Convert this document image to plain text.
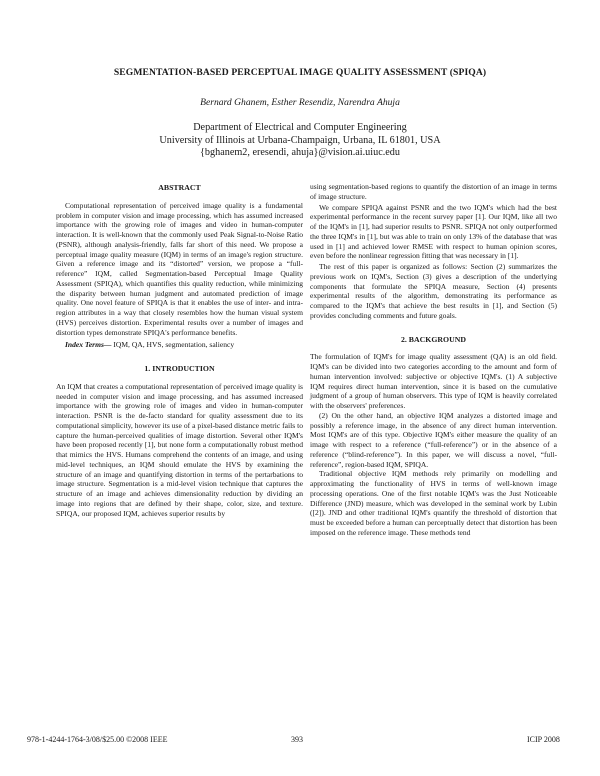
SEGMENTATION-BASED PERCEPTUAL IMAGE QUALITY ASSESSMENT (SPIQA)
Bernard Ghanem, Esther Resendiz, Narendra Ahuja
Department of Electrical and Computer Engineering
University of Illinois at Urbana-Champaign, Urbana, IL 61801, USA
{bghanem2, eresendi, ahuja}@vision.ai.uiuc.edu
ABSTRACT

Computational representation of perceived image quality is a fundamental problem in computer vision and image processing, which has assumed increased importance with the growing role of images and video in human-computer interaction. It is well-known that the commonly used Peak Signal-to-Noise Ratio (PSNR), although analysis-friendly, falls far short of this need. We propose a perceptual image quality measure (IQM) in terms of an image's region structure. Given a reference image and its “distorted” version, we propose a “full-reference” IQM, called Segmentation-based Perceptual Image Quality Assessment (SPIQA), which quantifies this quality reduction, while minimizing the disparity between human judgment and automated prediction of image quality. One novel feature of SPIQA is that it enables the use of inter- and intra- region attributes in a way that closely resembles how the human visual system (HVS) perceives distortion. Experimental results over a number of images and distortion types demonstrate SPIQA's performance benefits.

Index Terms— IQM, QA, HVS, segmentation, saliency

1. INTRODUCTION

An IQM that creates a computational representation of perceived image quality is needed in computer vision and image processing, and has assumed increased importance with the growing role of images and video in human-computer interaction. PSNR is the de-facto standard for quality assessment due to its computational simplicity, however its use of a pixel-based distance metric fails to capture the human-perceived qualities of image distortion. Several other IQM's have been proposed recently [1], but none form a computationally robust method that mimics the HVS. Humans comprehend the contents of an image, and using mid-level techniques, an IQM should emulate the HVS by examining the structure of an image and quantifying distortion in terms of the pertarbations to image structure. Segmentation is a mid-level vision technique that captures the structure of an image and achieves dimensionality reduction by dividing an image into regions that are defined by their shape, color, size, and texture. SPIQA, our proposed IQM, achieves superior results by

using segmentation-based regions to quantify the distortion of an image in terms of image structure.

We compare SPIQA against PSNR and the two IQM's which had the best experimental performance in the recent survey paper [1]. Our IQM, like all two of the IQM's in [1], had superior results to PSNR. SPIQA not only outperformed the three IQM's in [1], but was able to train on only 13% of the database that was used in [1] and achieved lower RMSE with respect to human opinion scores, even before the nonlinear regression fitting that was necessary in [1].

The rest of this paper is organized as follows: Section (2) summarizes the previous work on IQM's, Section (3) gives a description of the underlying components that formulate the SPIQA measure, Section (4) presents experimental results of the algorithm, demonstrating its performance as compared to the IQM's that achieve the best results in [1], and Section (5) provides concluding comments and future goals.

2. BACKGROUND

The formulation of IQM's for image quality assessment (QA) is an old field. IQM's can be divided into two categories according to the amount and form of human intervention involved: subjective or objective IQM's. (1) A subjective IQM requires direct human intervention, since it is based on the cumulative judgment of a group of human observers. This type of IQM is heavily correlated with the observers' preferences.

(2) On the other hand, an objective IQM analyzes a distorted image and possibly a reference image, in the absence of any direct human intervention. Most IQM's are of this type. Objective IQM's either measure the quality of an image with respect to a reference (“full-reference”) or in the absence of a reference (“blind-reference”). In this paper, we will discuss a novel, “full-reference”, region-based IQM, SPIQA.

Traditional objective IQM methods rely primarily on modelling and approximating the functionality of HVS in terms of well-known image processing operations. One of the first notable IQM's was the Just Noticeable Difference (JND) measure, which was developed in the seminal work by Lubin ([2]). JND and other traditional IQM's quantify the threshold of distortion that must be exceeded before a human can perceptually detect that distortion has been imposed on the reference image. These methods tend

978-1-4244-1764-3/08/$25.00 ©2008 IEEE	393	ICIP 2008
